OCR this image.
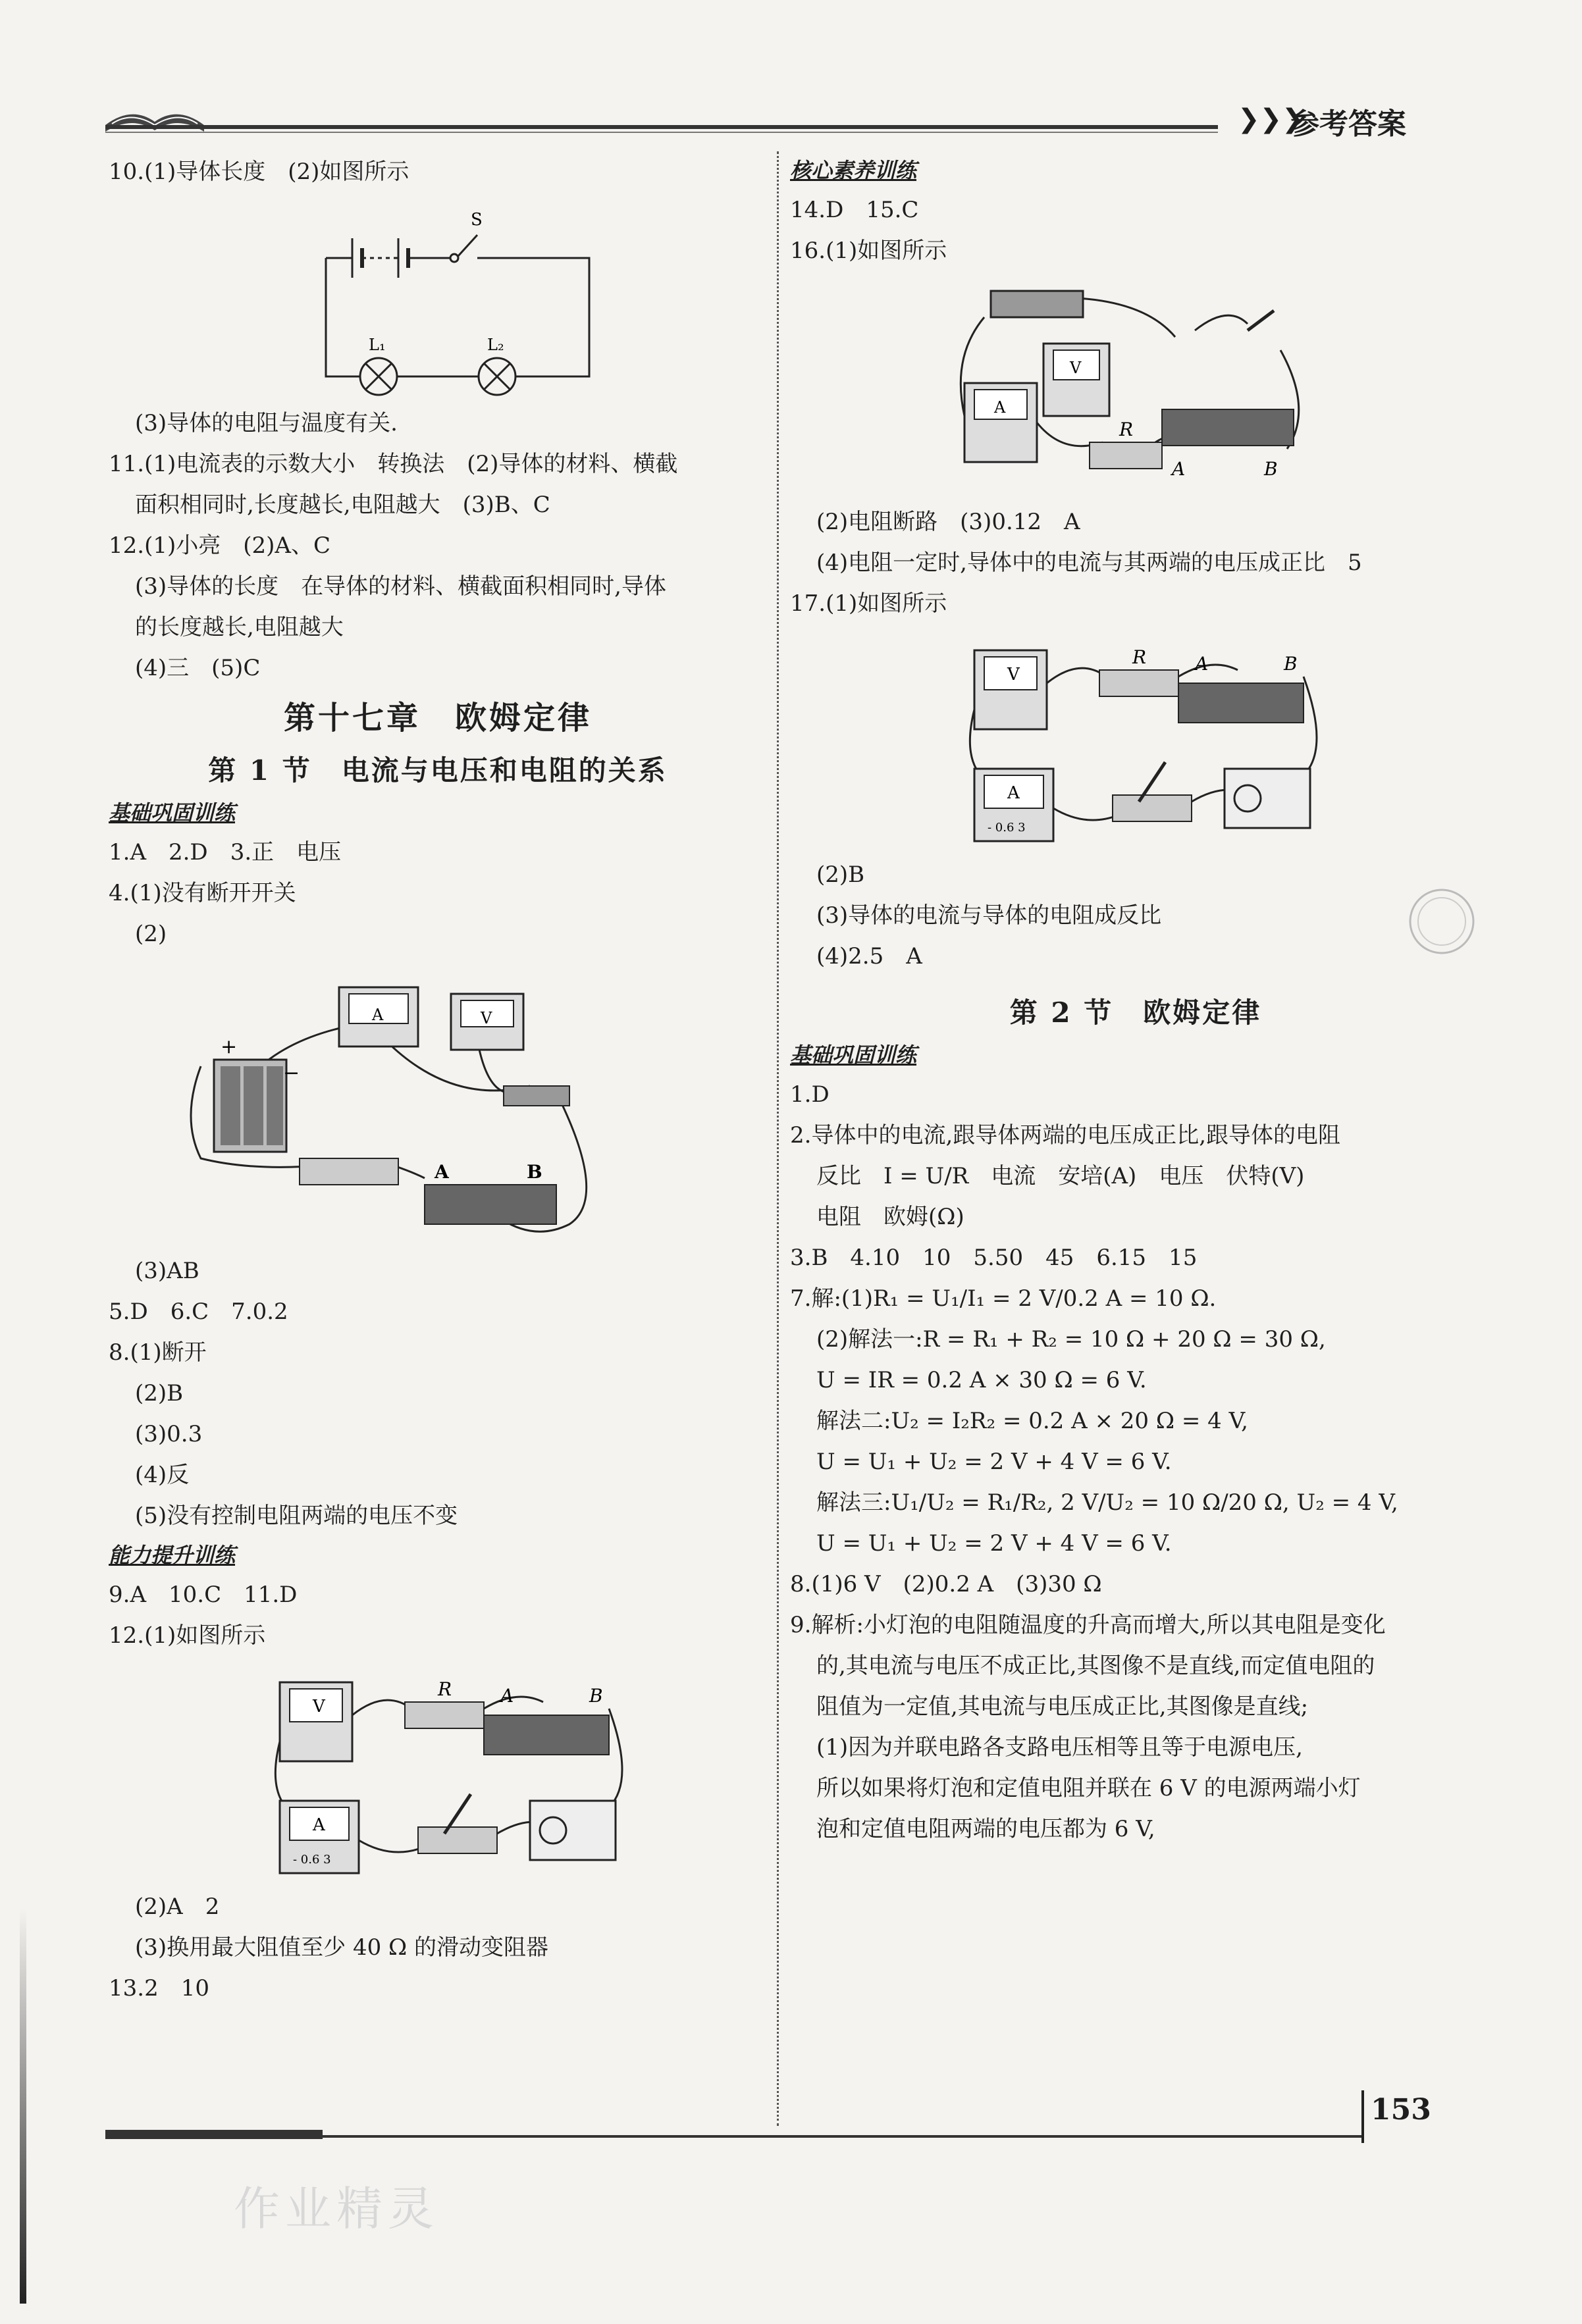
❯❯❯
参考答案
10.(1)导体长度　(2)如图所示
S
L₁	L₂
(3)导体的电阻与温度有关.
11.(1)电流表的示数大小　转换法　(2)导体的材料、横截
面积相同时,长度越长,电阻越大　(3)B、C
12.(1)小亮　(2)A、C
(3)导体的长度　在导体的材料、横截面积相同时,导体
的长度越长,电阻越大
(4)三　(5)C
第十七章　欧姆定律
第 1 节　电流与电压和电阻的关系
基础巩固训练
1.A　2.D　3.正　电压
4.(1)没有断开开关
(2)
+
−
A	B
A	V
(3)AB
5.D　6.C　7.0.2
8.(1)断开
(2)B
(3)0.3
(4)反
(5)没有控制电阻两端的电压不变
能力提升训练
9.A　10.C　11.D
12.(1)如图所示
V
R	A	B
A
- 0.6 3
(2)A　2
(3)换用最大阻值至少 40 Ω 的滑动变阻器
13.2　10
核心素养训练
14.D　15.C
16.(1)如图所示
V
A
R
A	B
(2)电阻断路　(3)0.12　A
(4)电阻一定时,导体中的电流与其两端的电压成正比　5
17.(1)如图所示
V
R	A	B
A
- 0.6 3
(2)B
(3)导体的电流与导体的电阻成反比
(4)2.5　A
第 2 节　欧姆定律
基础巩固训练
1.D
2.导体中的电流,跟导体两端的电压成正比,跟导体的电阻
反比　I = U/R　电流　安培(A)　电压　伏特(V)
电阻　欧姆(Ω)
3.B　4.10　10　5.50　45　6.15　15
7.解:(1)R₁ = U₁/I₁ = 2 V/0.2 A = 10 Ω.
(2)解法一:R = R₁ + R₂ = 10 Ω + 20 Ω = 30 Ω,
U = IR = 0.2 A × 30 Ω = 6 V.
解法二:U₂ = I₂R₂ = 0.2 A × 20 Ω = 4 V,
U = U₁ + U₂ = 2 V + 4 V = 6 V.
解法三:U₁/U₂ = R₁/R₂, 2 V/U₂ = 10 Ω/20 Ω, U₂ = 4 V,
U = U₁ + U₂ = 2 V + 4 V = 6 V.
8.(1)6 V　(2)0.2 A　(3)30 Ω
9.解析:小灯泡的电阻随温度的升高而增大,所以其电阻是变化
的,其电流与电压不成正比,其图像不是直线,而定值电阻的
阻值为一定值,其电流与电压成正比,其图像是直线;
(1)因为并联电路各支路电压相等且等于电源电压,
所以如果将灯泡和定值电阻并联在 6 V 的电源两端小灯
泡和定值电阻两端的电压都为 6 V,
153
作业精灵
